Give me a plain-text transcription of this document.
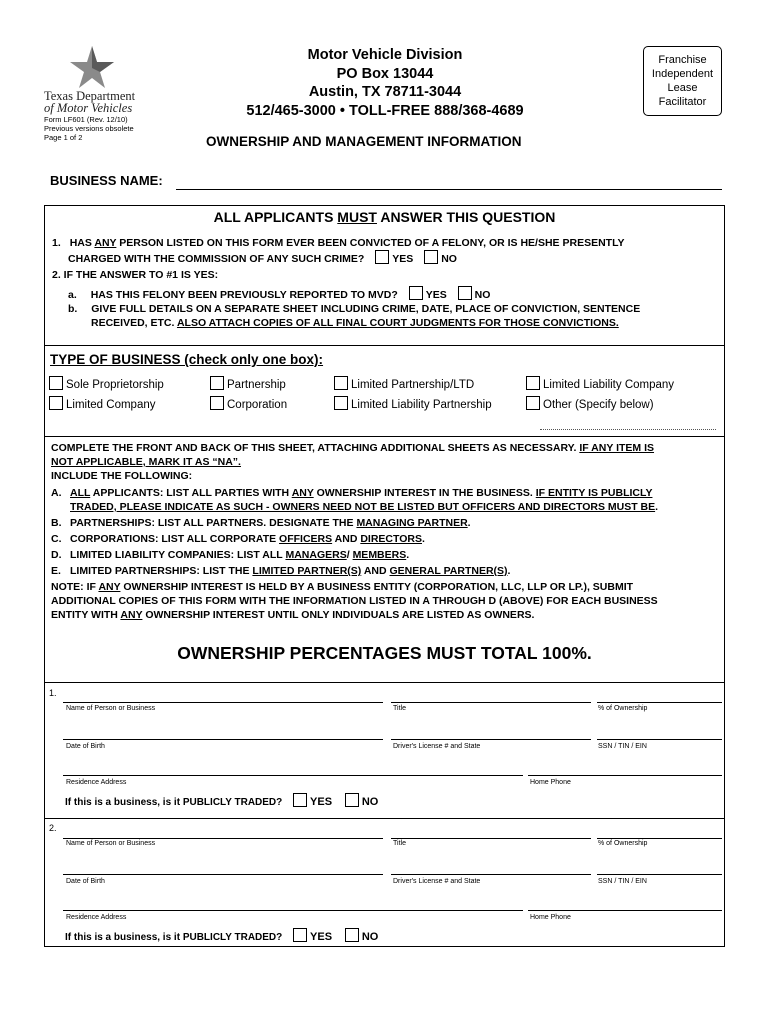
Texas Department
of Motor Vehicles
Form LF601 (Rev. 12/10)
Previous versions obsolete
Page 1 of 2
Motor Vehicle Division
PO Box 13044
Austin, TX 78711-3044
512/465-3000 • TOLL-FREE 888/368-4689
OWNERSHIP AND MANAGEMENT INFORMATION
Franchise
Independent
Lease
Facilitator
BUSINESS NAME:
ALL APPLICANTS MUST ANSWER THIS QUESTION
1. HAS ANY PERSON LISTED ON THIS FORM EVER BEEN CONVICTED OF A FELONY, OR IS HE/SHE PRESENTLY
CHARGED WITH THE COMMISSION OF ANY SUCH CRIME?	YES	NO
2. IF THE ANSWER TO #1 IS YES:
a. HAS THIS FELONY BEEN PREVIOUSLY REPORTED TO MVD?	YES	NO
b. GIVE FULL DETAILS ON A SEPARATE SHEET INCLUDING CRIME, DATE, PLACE OF CONVICTION, SENTENCE
RECEIVED, ETC. ALSO ATTACH COPIES OF ALL FINAL COURT JUDGMENTS FOR THOSE CONVICTIONS.
TYPE OF BUSINESS (check only one box):
Sole Proprietorship	Partnership	Limited Partnership/LTD	Limited Liability Company
Limited Company	Corporation	Limited Liability Partnership	Other (Specify below)
COMPLETE THE FRONT AND BACK OF THIS SHEET, ATTACHING ADDITIONAL SHEETS AS NECESSARY. IF ANY ITEM IS
NOT APPLICABLE, MARK IT AS “NA”.
INCLUDE THE FOLLOWING:
A. ALL APPLICANTS: LIST ALL PARTIES WITH ANY OWNERSHIP INTEREST IN THE BUSINESS. IF ENTITY IS PUBLICLY
TRADED, PLEASE INDICATE AS SUCH - OWNERS NEED NOT BE LISTED BUT OFFICERS AND DIRECTORS MUST BE.
B. PARTNERSHIPS: LIST ALL PARTNERS. DESIGNATE THE MANAGING PARTNER.
C. CORPORATIONS: LIST ALL CORPORATE OFFICERS AND DIRECTORS.
D. LIMITED LIABILITY COMPANIES: LIST ALL MANAGERS/ MEMBERS.
E. LIMITED PARTNERSHIPS: LIST THE LIMITED PARTNER(S) AND GENERAL PARTNER(S).
NOTE: IF ANY OWNERSHIP INTEREST IS HELD BY A BUSINESS ENTITY (CORPORATION, LLC, LLP OR LP.), SUBMIT
ADDITIONAL COPIES OF THIS FORM WITH THE INFORMATION LISTED IN A THROUGH D (ABOVE) FOR EACH BUSINESS
ENTITY WITH ANY OWNERSHIP INTEREST UNTIL ONLY INDIVIDUALS ARE LISTED AS OWNERS.
OWNERSHIP PERCENTAGES MUST TOTAL 100%.
1.
Name of Person or Business	Title	% of Ownership
Date of Birth	Driver's License # and State	SSN / TIN / EIN
Residence Address	Home Phone
If this is a business, is it PUBLICLY TRADED?	YES	NO
2.
Name of Person or Business	Title	% of Ownership
Date of Birth	Driver's License # and State	SSN / TIN / EIN
Residence Address	Home Phone
If this is a business, is it PUBLICLY TRADED?	YES	NO
